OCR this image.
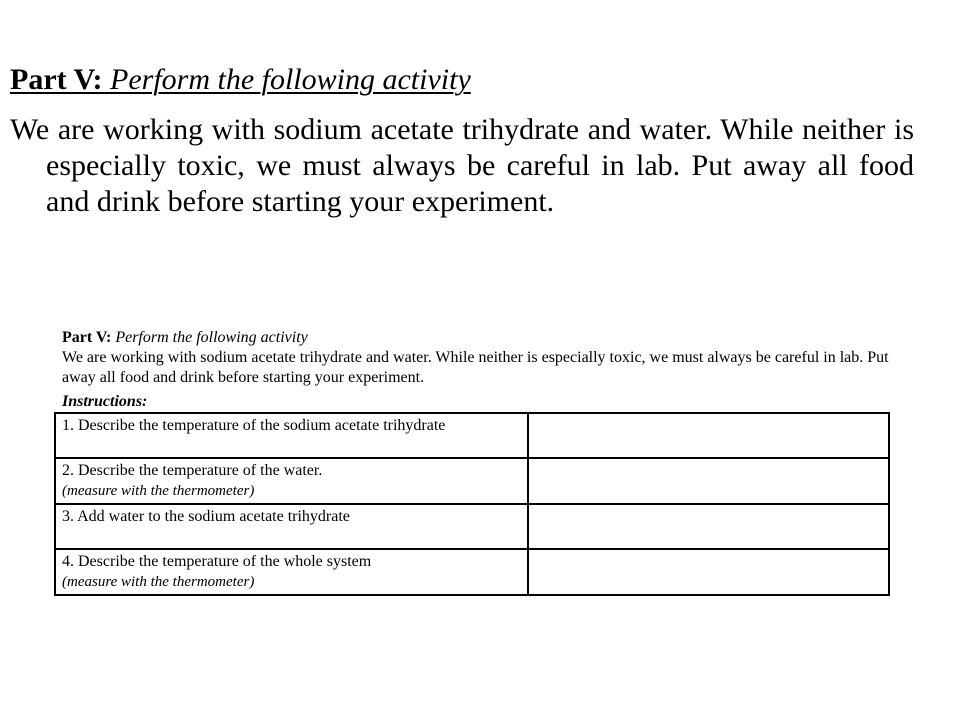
Part V: Perform the following activity
We are working with sodium acetate trihydrate and water. While neither is especially toxic, we must always be careful in lab. Put away all food and drink before starting your experiment.
Part V: Perform the following activity
We are working with sodium acetate trihydrate and water. While neither is especially toxic, we must always be careful in lab. Put away all food and drink before starting your experiment.
Instructions:
1. Describe the temperature of the sodium acetate trihydrate	

2. Describe the temperature of the water.
(measure with the thermometer)	

3. Add water to the sodium acetate trihydrate	

4. Describe the temperature of the whole system
(measure with the thermometer)	
